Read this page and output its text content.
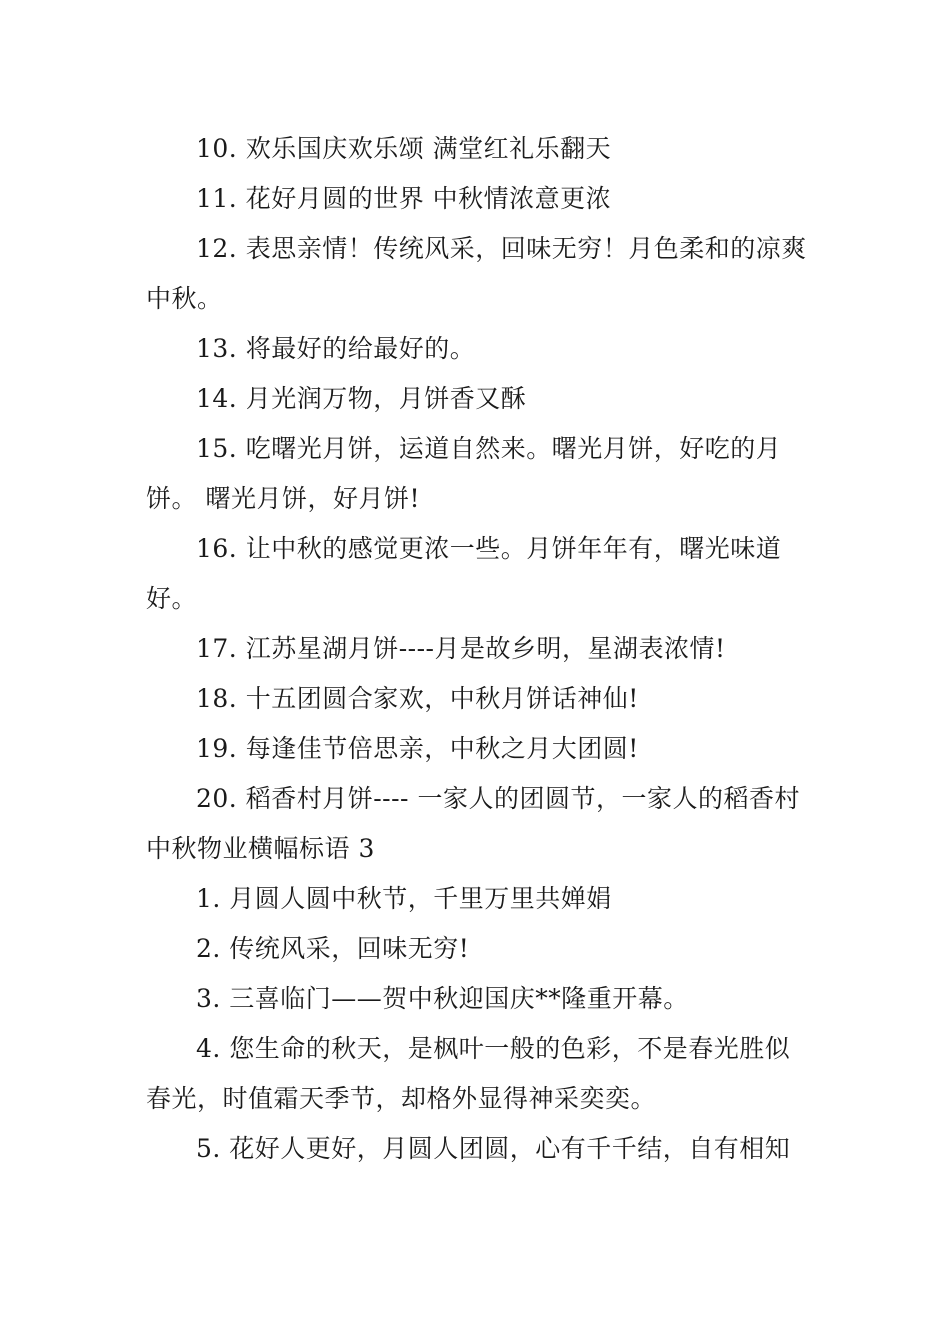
10. 欢乐国庆欢乐颂 满堂红礼乐翻天

11. 花好月圆的世界 中秋情浓意更浓

12. 表思亲情！传统风采，回味无穷！月色柔和的凉爽中秋。

13. 将最好的给最好的。

14. 月光润万物，月饼香又酥

15. 吃曙光月饼，运道自然来。曙光月饼，好吃的月饼。 曙光月饼，好月饼!

16. 让中秋的感觉更浓一些。月饼年年有，曙光味道好。

17. 江苏星湖月饼----月是故乡明，星湖表浓情!

18. 十五团圆合家欢，中秋月饼话神仙!

19. 每逢佳节倍思亲，中秋之月大团圆!

20. 稻香村月饼---- 一家人的团圆节，一家人的稻香村

中秋物业横幅标语 3

1. 月圆人圆中秋节，千里万里共婵娟

2. 传统风采，回味无穷!

3. 三喜临门——贺中秋迎国庆**隆重开幕。

4. 您生命的秋天，是枫叶一般的色彩，不是春光胜似春光，时值霜天季节，却格外显得神采奕奕。

5. 花好人更好，月圆人团圆，心有千千结，自有相知
